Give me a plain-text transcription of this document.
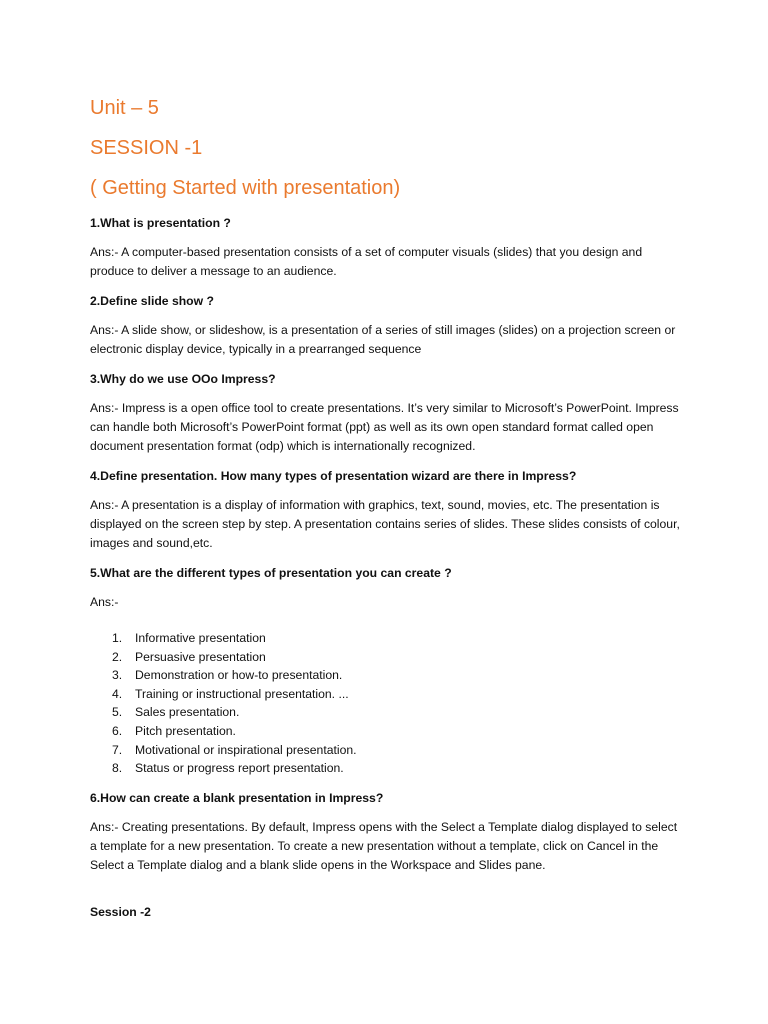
Unit – 5
SESSION -1
( Getting Started with presentation)
1.What is presentation ?
Ans:- A computer-based presentation consists of a set of computer visuals (slides) that you design and produce to deliver a message to an audience.
2.Define slide show ?
Ans:- A slide show, or slideshow, is a presentation of a series of still images (slides) on a projection screen or electronic display device, typically in a prearranged sequence
3.Why do we use OOo Impress?
Ans:- Impress is a open office tool to create presentations. It’s very similar to Microsoft’s PowerPoint. Impress can handle both Microsoft’s PowerPoint format (ppt) as well as its own open standard format called open document presentation format (odp) which is internationally recognized.
4.Define presentation. How many types of presentation wizard are there in Impress?
Ans:- A presentation is a display of information with graphics, text, sound, movies, etc. The presentation is displayed on the screen step by step. A presentation contains series of slides. These slides consists of colour, images and sound,etc.
5.What are the different types of presentation you can create ?
Ans:-
1.	Informative presentation
2.	Persuasive presentation
3.	Demonstration or how-to presentation.
4.	Training or instructional presentation. ...
5.	Sales presentation.
6.	Pitch presentation.
7.	Motivational or inspirational presentation.
8.	Status or progress report presentation.
6.How can create a blank presentation in Impress?
Ans:- Creating presentations. By default, Impress opens with the Select a Template dialog displayed to select a template for a new presentation. To create a new presentation without a template, click on Cancel in the Select a Template dialog and a blank slide opens in the Workspace and Slides pane.
Session -2
